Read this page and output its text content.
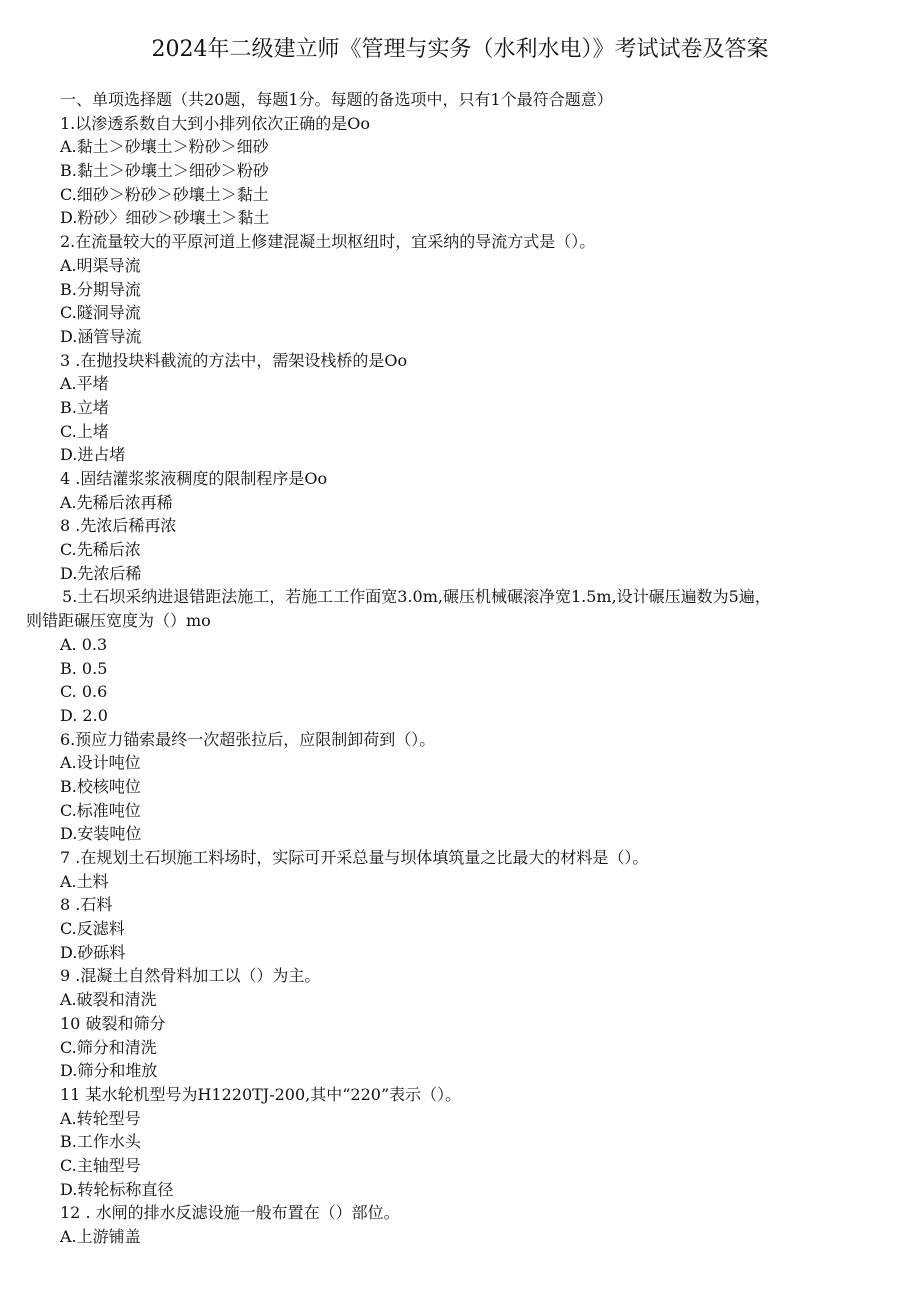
2024年二级建立师《管理与实务（水利水电）》考试试卷及答案
一、单项选择题（共20题，每题1分。每题的备选项中，只有1个最符合题意）
1.以渗透系数自大到小排列依次正确的是Oo
A.黏土＞砂壤土＞粉砂＞细砂
B.黏土＞砂壤土＞细砂＞粉砂
C.细砂＞粉砂＞砂壤土＞黏土
D.粉砂〉细砂＞砂壤土＞黏土
2.在流量较大的平原河道上修建混凝土坝枢纽时，宜采纳的导流方式是（）。
A.明渠导流
B.分期导流
C.隧洞导流
D.涵管导流
3 .在抛投块料截流的方法中，需架设栈桥的是Oo
A.平堵
B.立堵
C.上堵
D.进占堵
4 .固结灌浆浆液稠度的限制程序是Oo
A.先稀后浓再稀
8 .先浓后稀再浓
C.先稀后浓
D.先浓后稀
5.土石坝采纳进退错距法施工，若施工工作面宽3.0m,碾压机械碾滚净宽1.5m,设计碾压遍数为5遍，
则错距碾压宽度为（）mo
A. 0.3
B. 0.5
C. 0.6
D. 2.0
6.预应力锚索最终一次超张拉后，应限制卸荷到（）。
A.设计吨位
B.校核吨位
C.标准吨位
D.安装吨位
7 .在规划土石坝施工料场时，实际可开采总量与坝体填筑量之比最大的材料是（）。
A.土料
8 .石料
C.反滤料
D.砂砾料
9 .混凝土自然骨料加工以（）为主。
A.破裂和清洗
10 破裂和筛分
C.筛分和清洗
D.筛分和堆放
11 某水轮机型号为H1220TJ-200,其中“220”表示（）。
A.转轮型号
B.工作水头
C.主轴型号
D.转轮标称直径
12 . 水闸的排水反滤设施一般布置在（）部位。
A.上游铺盖
